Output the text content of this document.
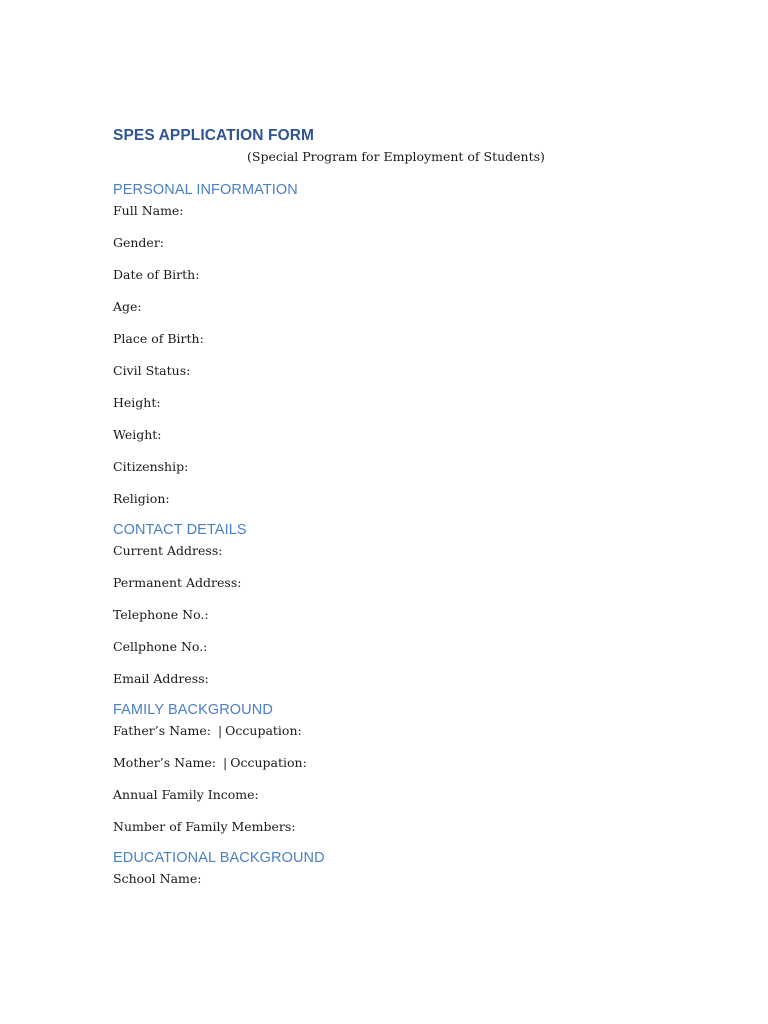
SPES APPLICATION FORM
(Special Program for Employment of Students)
PERSONAL INFORMATION
Full Name:
Gender:
Date of Birth:
Age:
Place of Birth:
Civil Status:
Height:
Weight:
Citizenship:
Religion:
CONTACT DETAILS
Current Address:
Permanent Address:
Telephone No.:
Cellphone No.:
Email Address:
FAMILY BACKGROUND
Father’s Name: | Occupation:
Mother’s Name: | Occupation:
Annual Family Income:
Number of Family Members:
EDUCATIONAL BACKGROUND
School Name:
